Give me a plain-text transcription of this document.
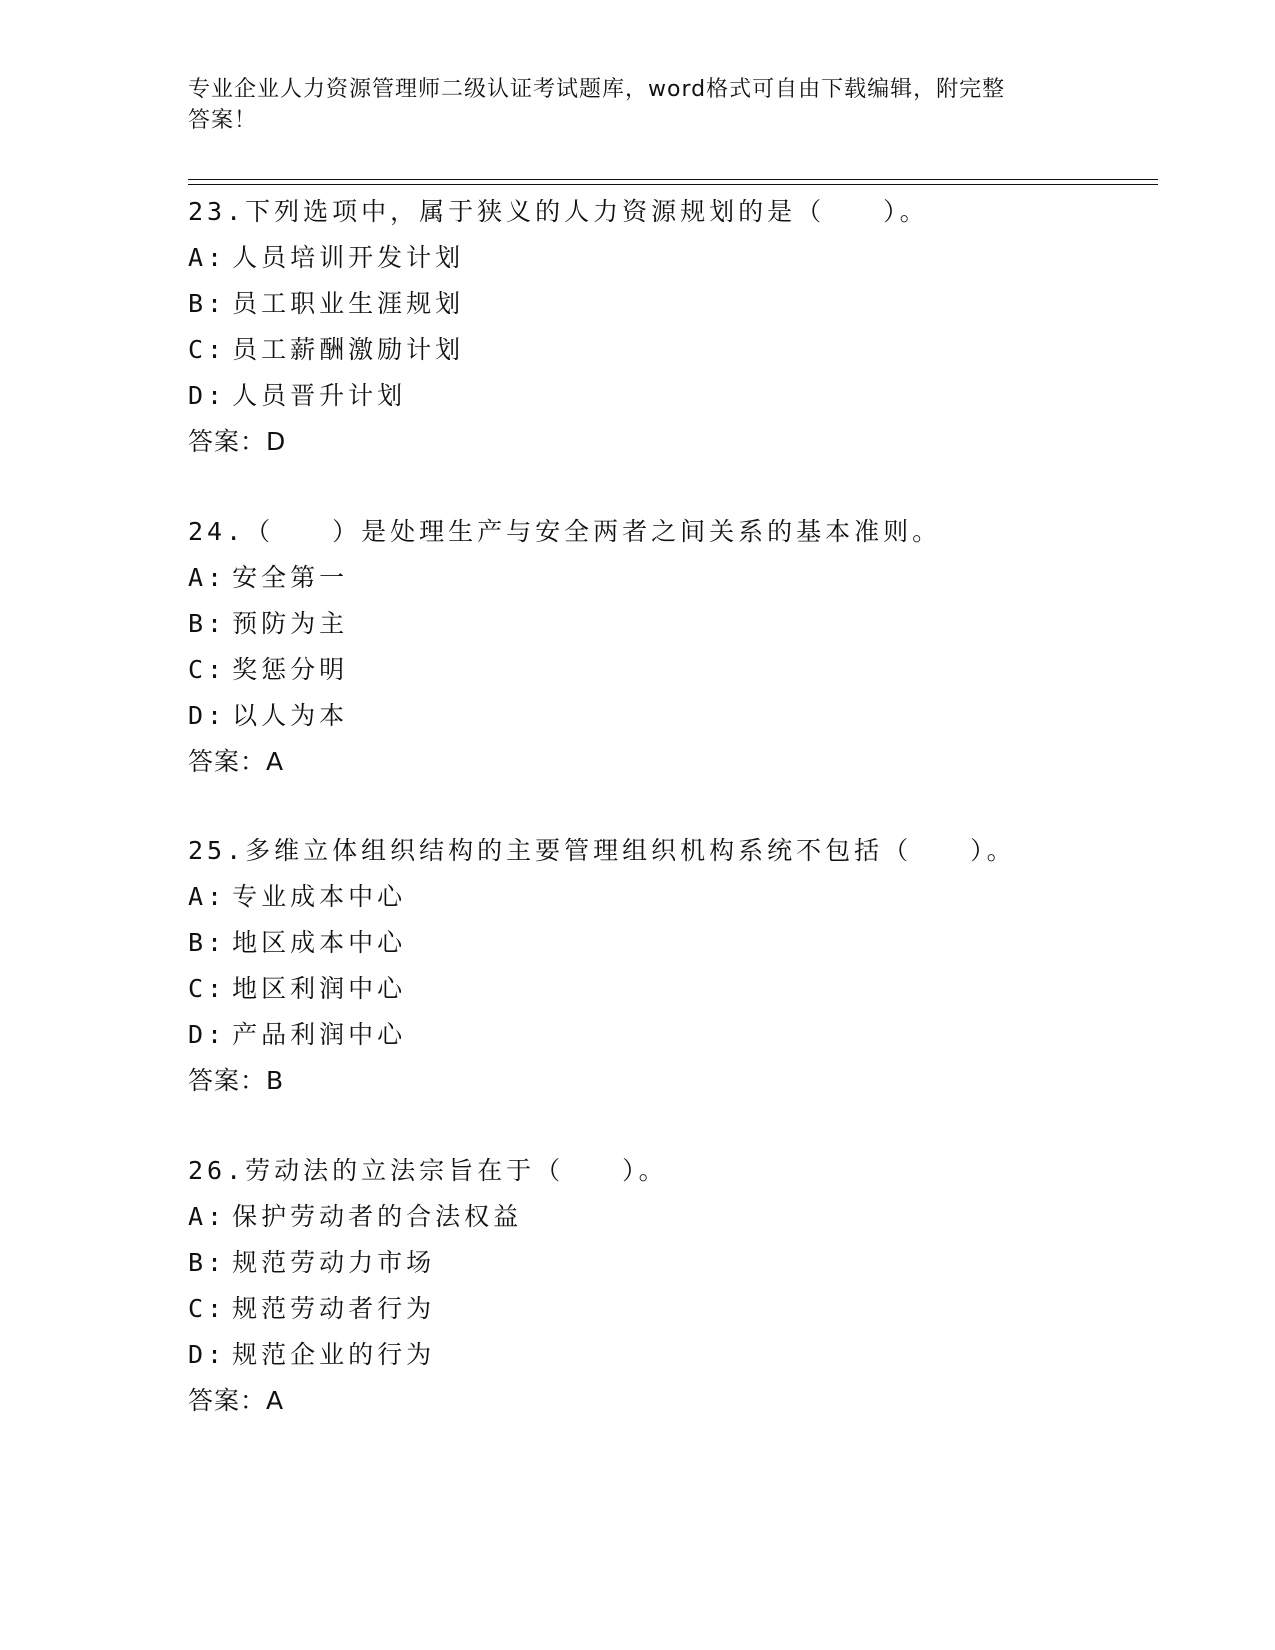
专业企业人力资源管理师二级认证考试题库，word格式可自由下载编辑，附完整
答案！
23.下列选项中，属于狭义的人力资源规划的是（　　）。
A: 人员培训开发计划
B: 员工职业生涯规划
C: 员工薪酬激励计划
D: 人员晋升计划
答案：D
24.（　　）是处理生产与安全两者之间关系的基本准则。
A: 安全第一
B: 预防为主
C: 奖惩分明
D: 以人为本
答案：A
25.多维立体组织结构的主要管理组织机构系统不包括（　　）。
A: 专业成本中心
B: 地区成本中心
C: 地区利润中心
D: 产品利润中心
答案：B
26.劳动法的立法宗旨在于（　　）。
A: 保护劳动者的合法权益
B: 规范劳动力市场
C: 规范劳动者行为
D: 规范企业的行为
答案：A
